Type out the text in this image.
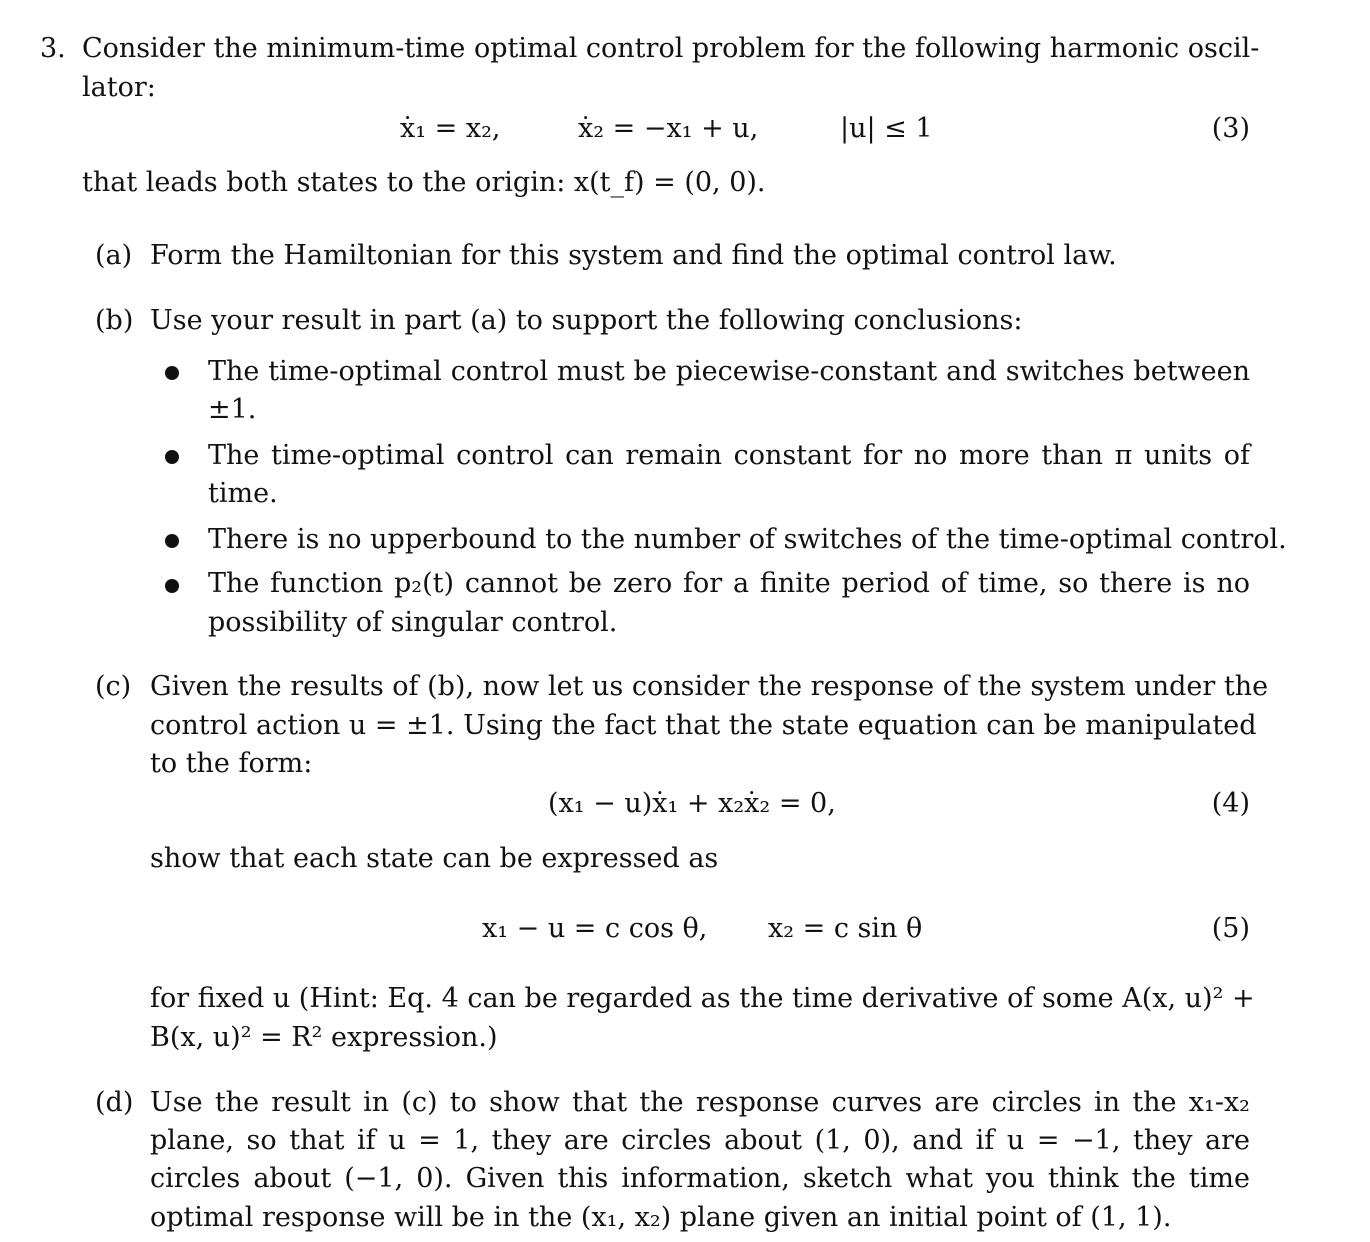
3. Consider the minimum-time optimal control problem for the following harmonic oscil-
lator:
ẋ₁ = x₂,	ẋ₂ = −x₁ + u,	|u| ≤ 1	(3)
that leads both states to the origin: x(t_f) = (0, 0).
(a) Form the Hamiltonian for this system and find the optimal control law.
(b) Use your result in part (a) to support the following conclusions:
The time-optimal control must be piecewise-constant and switches between
±1.
The time-optimal control can remain constant for no more than π units of
time.
There is no upperbound to the number of switches of the time-optimal control.
The function p₂(t) cannot be zero for a finite period of time, so there is no
possibility of singular control.
(c) Given the results of (b), now let us consider the response of the system under the
control action u = ±1. Using the fact that the state equation can be manipulated
to the form:
(x₁ − u)ẋ₁ + x₂ẋ₂ = 0,	(4)
show that each state can be expressed as
x₁ − u = c cos θ, x₂ = c sin θ	(5)
for fixed u (Hint: Eq. 4 can be regarded as the time derivative of some A(x, u)² +
B(x, u)² = R² expression.)
(d) Use the result in (c) to show that the response curves are circles in the x₁-x₂
plane, so that if u = 1, they are circles about (1, 0), and if u = −1, they are
circles about (−1, 0). Given this information, sketch what you think the time
optimal response will be in the (x₁, x₂) plane given an initial point of (1, 1).
